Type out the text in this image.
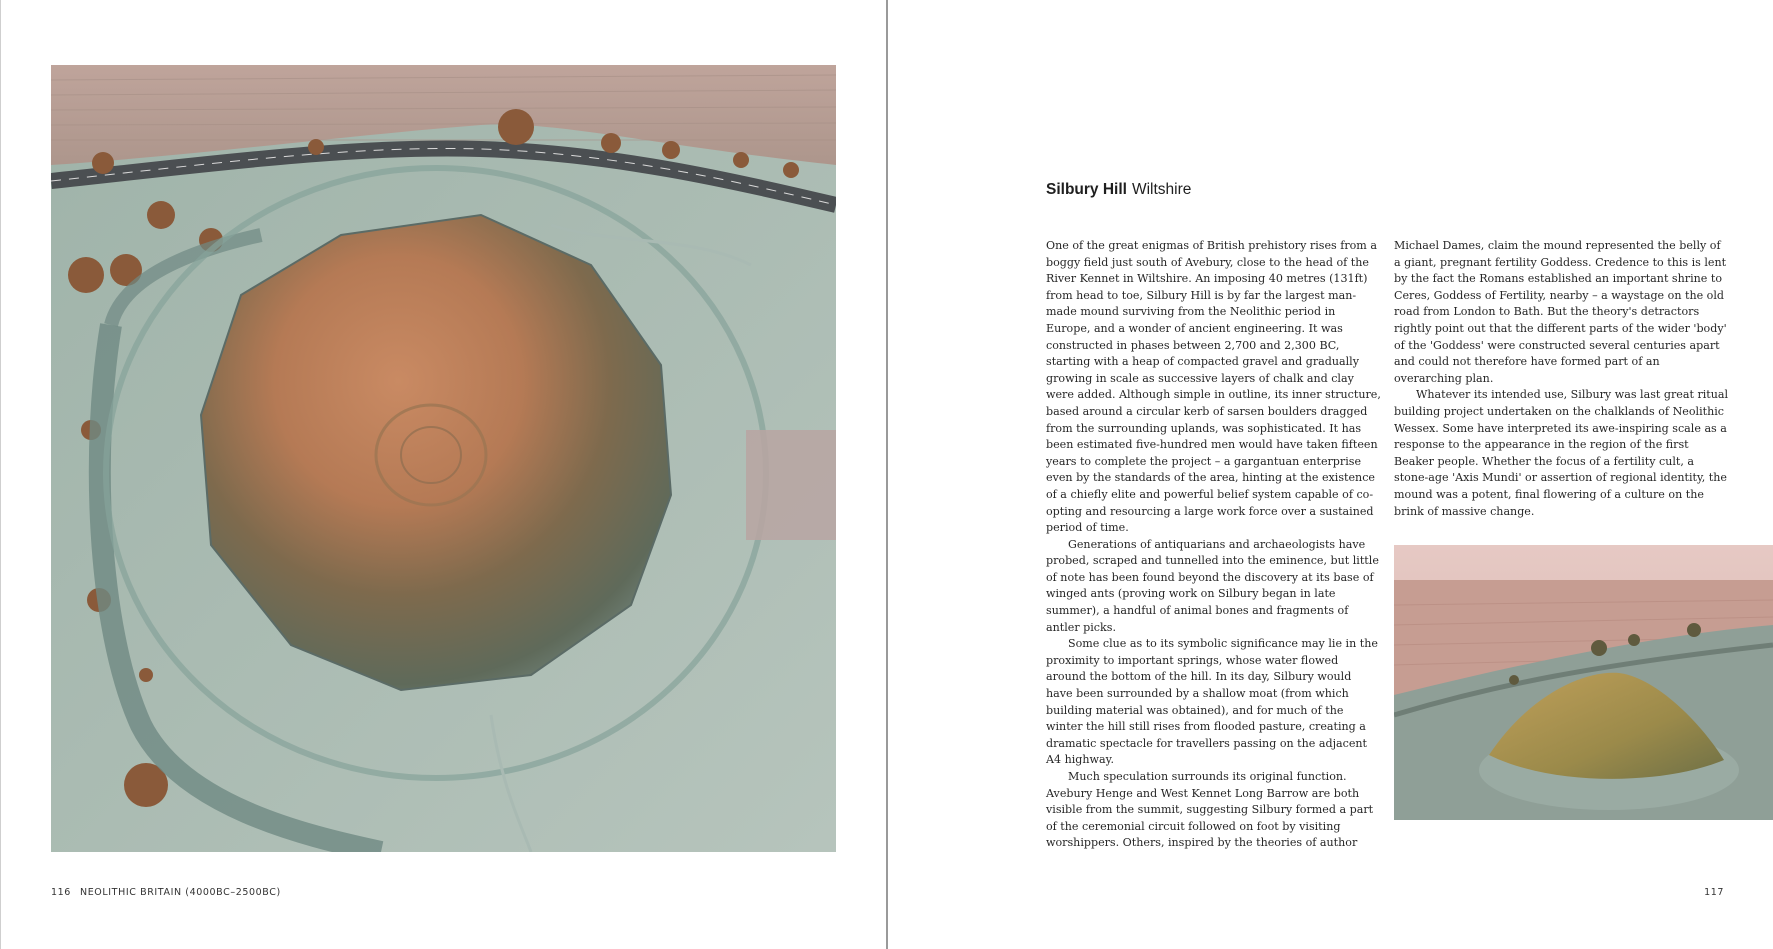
116 NEOLITHIC BRITAIN (4000BC–2500BC)	117
Silbury Hill Wiltshire

One of the great enigmas of British prehistory rises from a boggy field just south of Avebury, close to the head of the River Kennet in Wiltshire. An imposing 40 metres (131ft) from head to toe, Silbury Hill is by far the largest man-made mound surviving from the Neolithic period in Europe, and a wonder of ancient engineering. It was constructed in phases between 2,700 and 2,300 BC, starting with a heap of compacted gravel and gradually growing in scale as successive layers of chalk and clay were added. Although simple in outline, its inner structure, based around a circular kerb of sarsen boulders dragged from the surrounding uplands, was sophisticated. It has been estimated five-hundred men would have taken fifteen years to complete the project – a gargantuan enterprise even by the standards of the area, hinting at the existence of a chiefly elite and powerful belief system capable of co-opting and resourcing a large work force over a sustained period of time.

Generations of antiquarians and archaeologists have probed, scraped and tunnelled into the eminence, but little of note has been found beyond the discovery at its base of winged ants (proving work on Silbury began in late summer), a handful of animal bones and fragments of antler picks.

Some clue as to its symbolic significance may lie in the proximity to important springs, whose water flowed around the bottom of the hill. In its day, Silbury would have been surrounded by a shallow moat (from which building material was obtained), and for much of the winter the hill still rises from flooded pasture, creating a dramatic spectacle for travellers passing on the adjacent A4 highway.

Much speculation surrounds its original function. Avebury Henge and West Kennet Long Barrow are both visible from the summit, suggesting Silbury formed a part of the ceremonial circuit followed on foot by visiting worshippers. Others, inspired by the theories of author

Michael Dames, claim the mound represented the belly of a giant, pregnant fertility Goddess. Credence to this is lent by the fact the Romans established an important shrine to Ceres, Goddess of Fertility, nearby – a waystage on the old road from London to Bath. But the theory's detractors rightly point out that the different parts of the wider 'body' of the 'Goddess' were constructed several centuries apart and could not therefore have formed part of an overarching plan.

Whatever its intended use, Silbury was last great ritual building project undertaken on the chalklands of Neolithic Wessex. Some have interpreted its awe-inspiring scale as a response to the appearance in the region of the first Beaker people. Whether the focus of a fertility cult, a stone-age 'Axis Mundi' or assertion of regional identity, the mound was a potent, final flowering of a culture on the brink of massive change.
